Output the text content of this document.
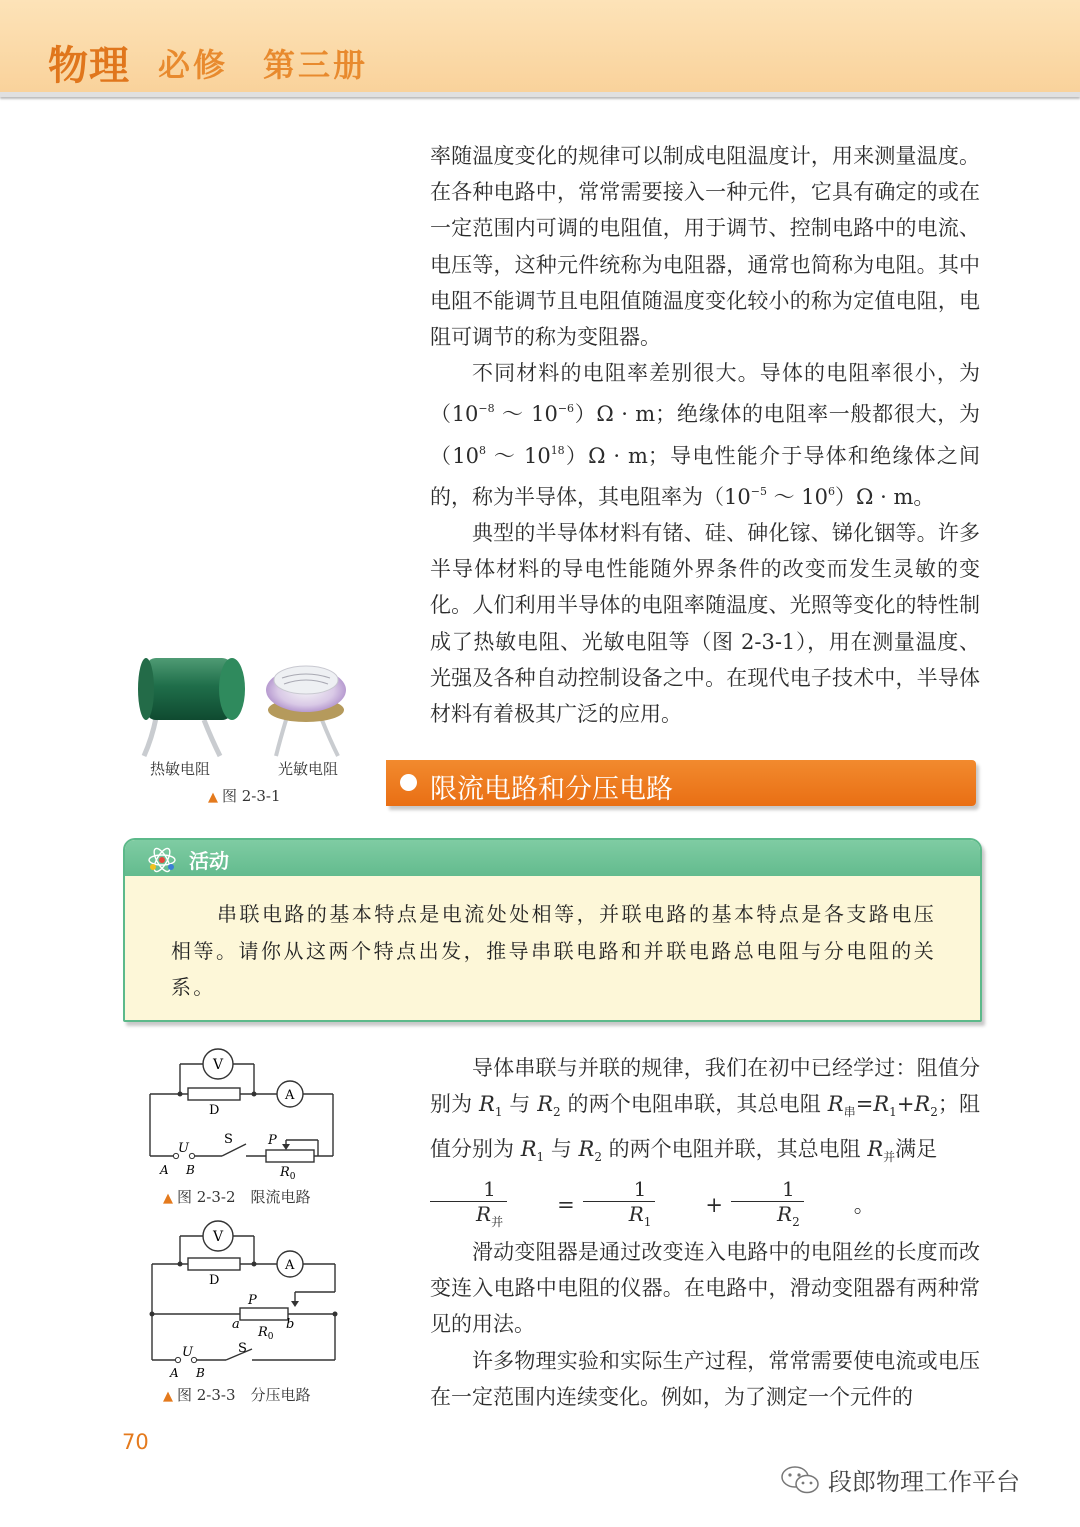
物理 必修　第三册

率随温度变化的规律可以制成电阻温度计，用来测量温度。在各种电路中，常常需要接入一种元件，它具有确定的或在一定范围内可调的电阻值，用于调节、控制电路中的电流、电压等，这种元件统称为电阻器，通常也简称为电阻。其中电阻不能调节且电阻值随温度变化较小的称为定值电阻，电阻可调节的称为变阻器。

不同材料的电阻率差别很大。导体的电阻率很小，为（$10^{-8}$ ～ $10^{-6})\Omega \cdot m$；绝缘体的电阻率一般都很大，为（$10^8$ ～ $10^{18})\Omega \cdot m$；导电性能介于导体和绝缘体之间的，称为半导体，其电阻率为（$10^{-5}$ ～ $10^6)\Omega \cdot m$。

典型的半导体材料有锗、硅、砷化镓、锑化铟等。许多半导体材料的导电性能随外界条件的改变而发生灵敏的变化。人们利用半导体的电阻率随温度、光照等变化的特性制成了热敏电阻、光敏电阻等（图 2-3-1），用在测量温度、光强及各种自动控制设备之中。在现代电子技术中，半导体材料有着极其广泛的应用。

热敏电阻	光敏电阻
▲ 图 2-3-1	限流电路和分压电路
活动
串联电路的基本特点是电流处处相等，并联电路的基本特点是各支路电压相等。请你从这两个特点出发，推导串联电路和并联电路总电阻与分电阻的关系。

导体串联与并联的规律，我们在初中已经学过：阻值分别为 $R_1$ 与 $R_2$ 的两个电阻串联，其总电阻 $R_串=R_1+R_2$；阻值分别为 $R_1$ 与 $R_2$ 的两个电阻并联，其总电阻 $R_并$满足

$\frac{1}{R_并}$	= $\frac{1}{R_1}$	+ $\frac{1}{R_2}$	。

滑动变阻器是通过改变连入电路中的电阻丝的长度而改变连入电路中电阻的仪器。在电路中，滑动变阻器有两种常见的用法。

许多物理实验和实际生产过程，常常需要使电流或电压在一定范围内连续变化。例如，为了测定一个元件的

V
A
D
S	P
U
A B	$R_0$
▲ 图 2-3-2　限流电路
V
A
D
P
a	b
$R_0$
S
U
A B
▲ 图 2-3-3　分压电路
70
段郎物理工作平台
